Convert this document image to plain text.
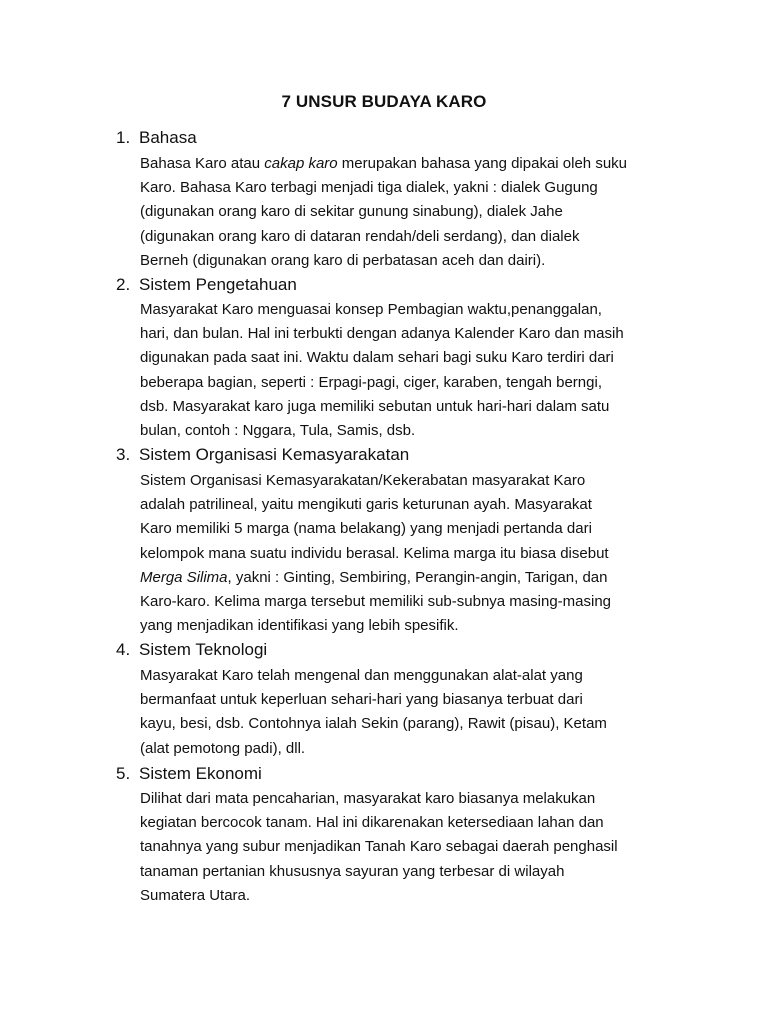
7 UNSUR BUDAYA KARO
1. Bahasa
Bahasa Karo atau cakap karo merupakan bahasa yang dipakai oleh suku
Karo. Bahasa Karo terbagi menjadi tiga dialek, yakni : dialek Gugung
(digunakan orang karo di sekitar gunung sinabung), dialek Jahe
(digunakan orang karo di dataran rendah/deli serdang), dan dialek
Berneh (digunakan orang karo di perbatasan aceh dan dairi).
2. Sistem Pengetahuan
Masyarakat Karo menguasai konsep Pembagian waktu,penanggalan,
hari, dan bulan. Hal ini terbukti dengan adanya Kalender Karo dan masih
digunakan pada saat ini. Waktu dalam sehari bagi suku Karo terdiri dari
beberapa bagian, seperti : Erpagi-pagi, ciger, karaben, tengah berngi,
dsb. Masyarakat karo juga memiliki sebutan untuk hari-hari dalam satu
bulan, contoh : Nggara, Tula, Samis, dsb.
3. Sistem Organisasi Kemasyarakatan
Sistem Organisasi Kemasyarakatan/Kekerabatan masyarakat Karo
adalah patrilineal, yaitu mengikuti garis keturunan ayah. Masyarakat
Karo memiliki 5 marga (nama belakang) yang menjadi pertanda dari
kelompok mana suatu individu berasal. Kelima marga itu biasa disebut
Merga Silima, yakni : Ginting, Sembiring, Perangin-angin, Tarigan, dan
Karo-karo. Kelima marga tersebut memiliki sub-subnya masing-masing
yang menjadikan identifikasi yang lebih spesifik.
4. Sistem Teknologi
Masyarakat Karo telah mengenal dan menggunakan alat-alat yang
bermanfaat untuk keperluan sehari-hari yang biasanya terbuat dari
kayu, besi, dsb. Contohnya ialah Sekin (parang), Rawit (pisau), Ketam
(alat pemotong padi), dll.
5. Sistem Ekonomi
Dilihat dari mata pencaharian, masyarakat karo biasanya melakukan
kegiatan bercocok tanam. Hal ini dikarenakan ketersediaan lahan dan
tanahnya yang subur menjadikan Tanah Karo sebagai daerah penghasil
tanaman pertanian khususnya sayuran yang terbesar di wilayah
Sumatera Utara.
